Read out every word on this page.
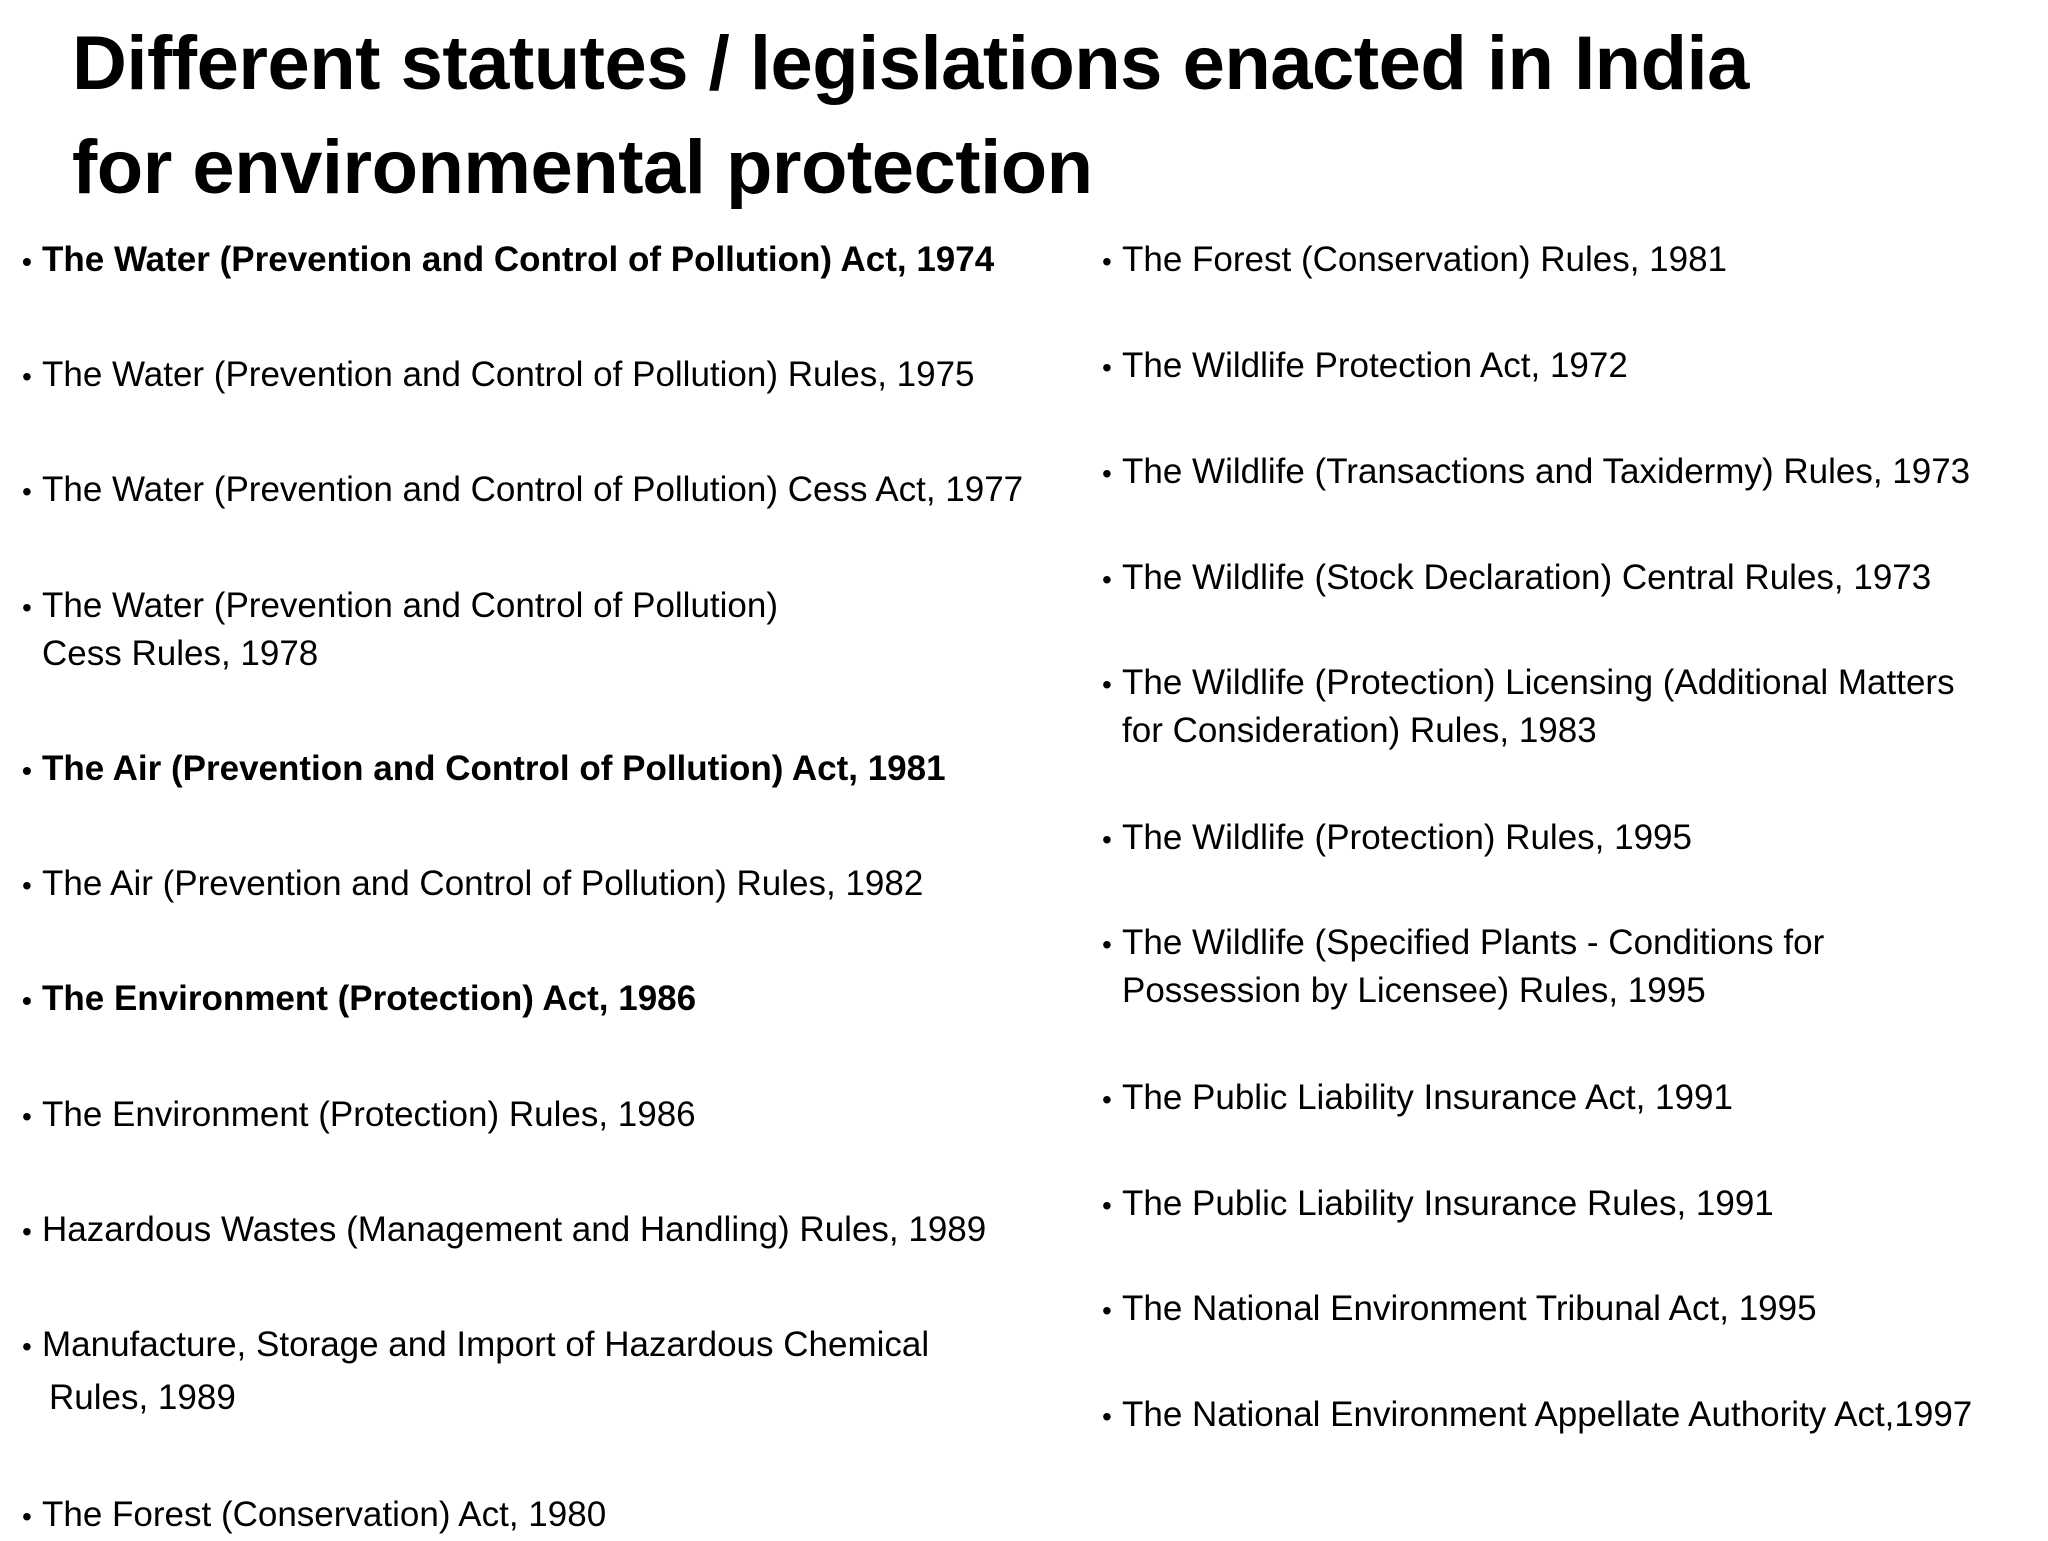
Different statutes / legislations enacted in India
for environmental protection
• The Water (Prevention and Control of Pollution) Act, 1974
• The Water (Prevention and Control of Pollution) Rules, 1975
• The Water (Prevention and Control of Pollution) Cess Act, 1977
• The Water (Prevention and Control of Pollution)
Cess Rules, 1978
• The Air (Prevention and Control of Pollution) Act, 1981
• The Air (Prevention and Control of Pollution) Rules, 1982
• The Environment (Protection) Act, 1986
• The Environment (Protection) Rules, 1986
• Hazardous Wastes (Management and Handling) Rules, 1989
• Manufacture, Storage and Import of Hazardous Chemical
Rules, 1989
• The Forest (Conservation) Act, 1980
• The Forest (Conservation) Rules, 1981
• The Wildlife Protection Act, 1972
• The Wildlife (Transactions and Taxidermy) Rules, 1973
• The Wildlife (Stock Declaration) Central Rules, 1973
• The Wildlife (Protection) Licensing (Additional Matters
for Consideration) Rules, 1983
• The Wildlife (Protection) Rules, 1995
• The Wildlife (Specified Plants - Conditions for
Possession by Licensee) Rules, 1995
• The Public Liability Insurance Act, 1991
• The Public Liability Insurance Rules, 1991
• The National Environment Tribunal Act, 1995
• The National Environment Appellate Authority Act,1997
